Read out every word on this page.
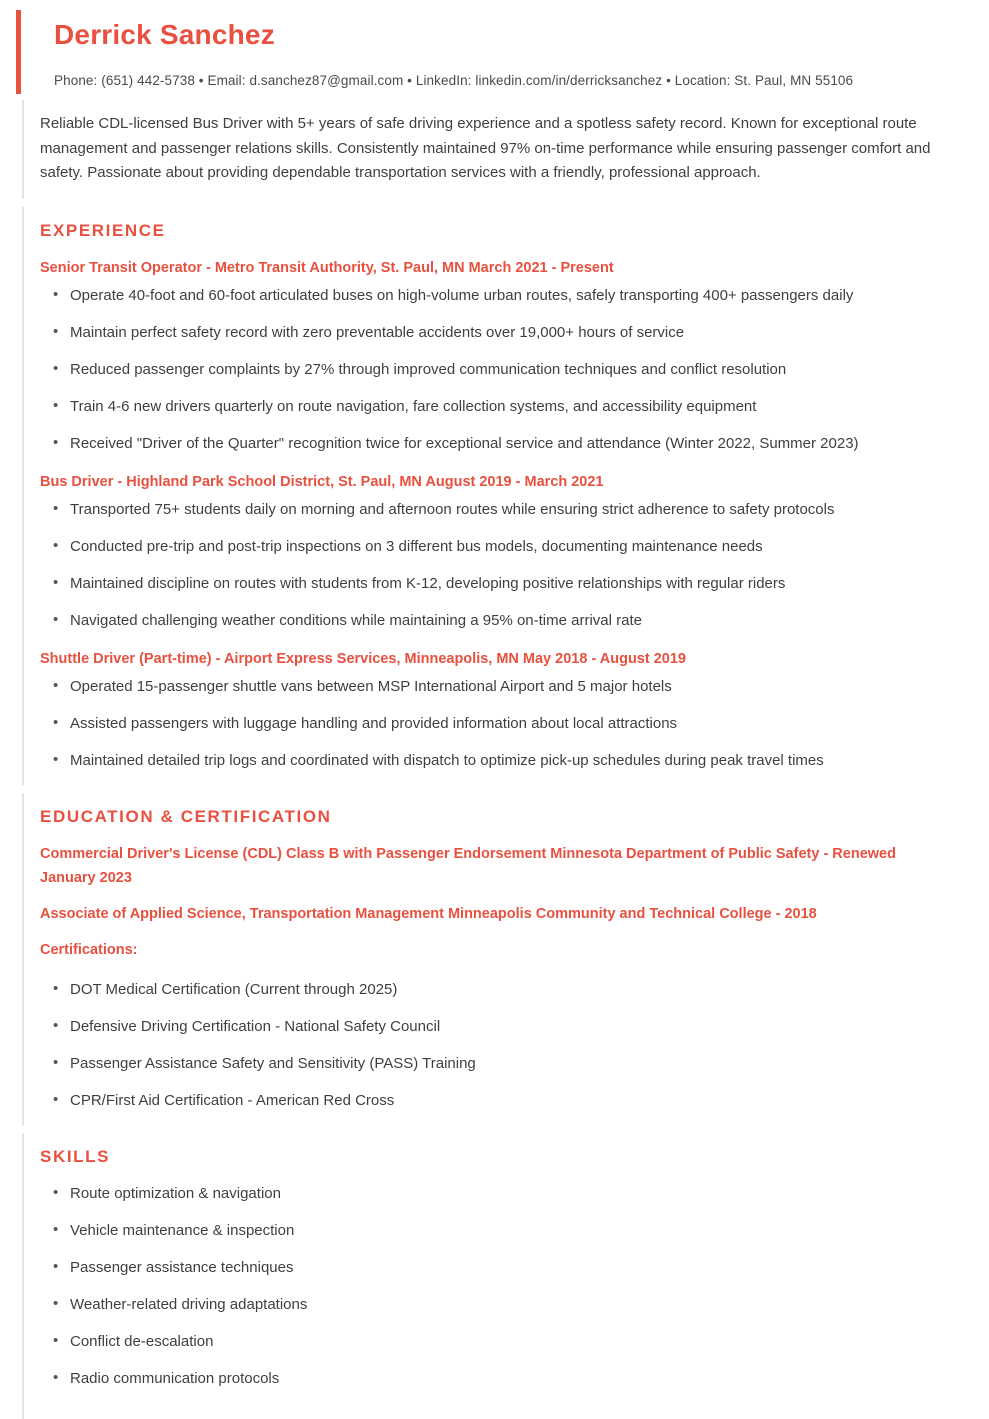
Derrick Sanchez
Phone: (651) 442-5738 • Email: d.sanchez87@gmail.com • LinkedIn: linkedin.com/in/derricksanchez • Location: St. Paul, MN 55106

Reliable CDL-licensed Bus Driver with 5+ years of safe driving experience and a spotless safety record. Known for exceptional route management and passenger relations skills. Consistently maintained 97% on-time performance while ensuring passenger comfort and safety. Passionate about providing dependable transportation services with a friendly, professional approach.

EXPERIENCE
Senior Transit Operator - Metro Transit Authority, St. Paul, MN March 2021 - Present
• Operate 40-foot and 60-foot articulated buses on high-volume urban routes, safely transporting 400+ passengers daily
• Maintain perfect safety record with zero preventable accidents over 19,000+ hours of service
• Reduced passenger complaints by 27% through improved communication techniques and conflict resolution
• Train 4-6 new drivers quarterly on route navigation, fare collection systems, and accessibility equipment
• Received "Driver of the Quarter" recognition twice for exceptional service and attendance (Winter 2022, Summer 2023)
Bus Driver - Highland Park School District, St. Paul, MN August 2019 - March 2021
• Transported 75+ students daily on morning and afternoon routes while ensuring strict adherence to safety protocols
• Conducted pre-trip and post-trip inspections on 3 different bus models, documenting maintenance needs
• Maintained discipline on routes with students from K-12, developing positive relationships with regular riders
• Navigated challenging weather conditions while maintaining a 95% on-time arrival rate
Shuttle Driver (Part-time) - Airport Express Services, Minneapolis, MN May 2018 - August 2019
• Operated 15-passenger shuttle vans between MSP International Airport and 5 major hotels
• Assisted passengers with luggage handling and provided information about local attractions
• Maintained detailed trip logs and coordinated with dispatch to optimize pick-up schedules during peak travel times
EDUCATION & CERTIFICATION
Commercial Driver's License (CDL) Class B with Passenger Endorsement Minnesota Department of Public Safety - Renewed January 2023
Associate of Applied Science, Transportation Management Minneapolis Community and Technical College - 2018
Certifications:
• DOT Medical Certification (Current through 2025)
• Defensive Driving Certification - National Safety Council
• Passenger Assistance Safety and Sensitivity (PASS) Training
• CPR/First Aid Certification - American Red Cross
SKILLS
• Route optimization & navigation
• Vehicle maintenance & inspection
• Passenger assistance techniques
• Weather-related driving adaptations
• Conflict de-escalation
• Radio communication protocols
